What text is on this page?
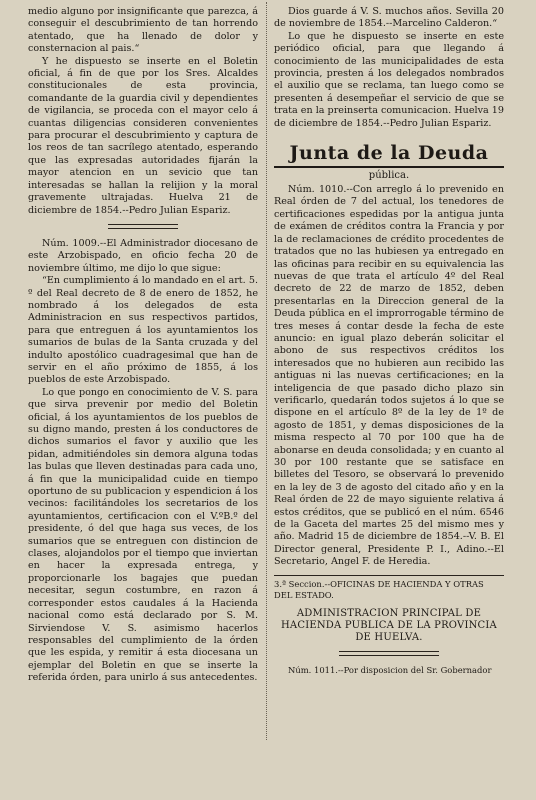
medio alguno por insignificante que parezca, á conseguir el descubrimiento de tan horrendo atentado, que ha llenado de dolor y consternacion al pais.“

Y he dispuesto se inserte en el Boletin oficial, á fin de que por los Sres. Alcaldes constitucionales de esta provincia, comandante de la guardia civil y dependientes de vigilancia, se proceda con el mayor celo á cuantas diligencias consideren convenientes para procurar el descubrimiento y captura de los reos de tan sacrílego atentado, esperando que las expresadas autoridades fijarán la mayor atencion en un sevicio que tan interesadas se hallan la relijion y la moral gravemente ultrajadas. Huelva 21 de diciembre de 1854.--Pedro Julian Espariz.

Núm. 1009.--El Administrador diocesano de este Arzobispado, en oficio fecha 20 de noviembre último, me dijo lo que sigue:

“En cumplimiento á lo mandado en el art. 5. º del Real decreto de 8 de enero de 1852, he nombrado á los delegados de esta Administracion en sus respectivos partidos, para que entreguen á los ayuntamientos los sumarios de bulas de la Santa cruzada y del indulto apostólico cuadragesimal que han de servir en el año próximo de 1855, á los pueblos de este Arzobispado.

Lo que pongo en conocimiento de V. S. para que sirva prevenir por medio del Boletin oficial, á los ayuntamientos de los pueblos de su digno mando, presten á los conductores de dichos sumarios el favor y auxilio que les pidan, admitiéndoles sin demora alguna todas las bulas que lleven destinadas para cada uno, á fin que la municipalidad cuide en tiempo oportuno de su publicacion y espendicion á los vecinos: facilitándoles los secretarios de los ayuntamientos, certificacion con el V.ºB.º del presidente, ó del que haga sus veces, de los sumarios que se entreguen con distincion de clases, alojandolos por el tiempo que inviertan en hacer la expresada entrega, y proporcionarle los bagajes que puedan necesitar, segun costumbre, en razon á corresponder estos caudales á la Hacienda nacional como está declarado por S. M. Sirviendose V. S. asimismo hacerlos responsables del cumplimiento de la órden que les espida, y remitir á esta diocesana un ejemplar del Boletin en que se inserte la referida órden, para unirlo á sus antecedentes.

Dios guarde á V. S. muchos años. Sevilla 20 de noviembre de 1854.--Marcelino Calderon.“

Lo que he dispuesto se inserte en este periódico oficial, para que llegando á conocimiento de las municipalidades de esta provincia, presten á los delegados nombrados el auxilio que se reclama, tan luego como se presenten á desempeñar el servicio de que se trata en la preinserta comunicacion. Huelva 19 de diciembre de 1854.--Pedro Julian Espariz.

Junta de la Deuda
pública.

Núm. 1010.--Con arreglo á lo prevenido en Real órden de 7 del actual, los tenedores de certificaciones espedidas por la antigua junta de exámen de créditos contra la Francia y por la de reclamaciones de crédito procedentes de tratados que no las hubiesen ya entregado en las oficinas para recibir en su equivalencia las nuevas de que trata el artículo 4º del Real decreto de 22 de marzo de 1852, deben presentarlas en la Direccion general de la Deuda pública en el improrrogable término de tres meses á contar desde la fecha de este anuncio: en igual plazo deberán solicitar el abono de sus respectivos créditos los interesados que no hubieren aun recibido las antiguas ni las nuevas certificaciones; en la inteligencia de que pasado dicho plazo sin verificarlo, quedarán todos sujetos á lo que se dispone en el artículo 8º de la ley de 1º de agosto de 1851, y demas disposiciones de la misma respecto al 70 por 100 que ha de abonarse en deuda consolidada; y en cuanto al 30 por 100 restante que se satisface en billetes del Tesoro, se observará lo prevenido en la ley de 3 de agosto del citado año y en la Real órden de 22 de mayo siguiente relativa á estos créditos, que se publicó en el núm. 6546 de la Gaceta del martes 25 del mismo mes y año. Madrid 15 de diciembre de 1854.--V. B. El Director general, Presidente P. I., Adino.--El Secretario, Angel F. de Heredia.

3.ª Seccion.--OFICINAS DE HACIENDA Y OTRAS DEL ESTADO.
ADMINISTRACION PRINCIPAL DE HACIENDA PUBLICA DE LA PROVINCIA DE HUELVA.

Núm. 1011.--Por disposicion del Sr. Gobernador
